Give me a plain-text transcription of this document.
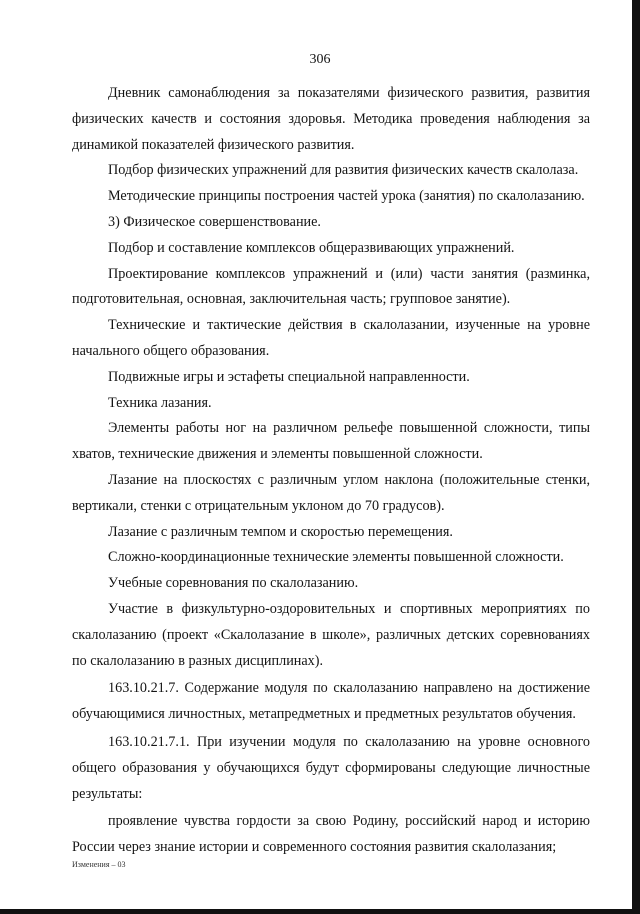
306

Дневник самонаблюдения за показателями физического развития, развития физических качеств и состояния здоровья. Методика проведения наблюдения за динамикой показателей физического развития.

Подбор физических упражнений для развития физических качеств скалолаза.

Методические принципы построения частей урока (занятия) по скалолазанию.

3) Физическое совершенствование.

Подбор и составление комплексов общеразвивающих упражнений.

Проектирование комплексов упражнений и (или) части занятия (разминка, подготовительная, основная, заключительная часть; групповое занятие).

Технические и тактические действия в скалолазании, изученные на уровне начального общего образования.

Подвижные игры и эстафеты специальной направленности.

Техника лазания.

Элементы работы ног на различном рельефе повышенной сложности, типы хватов, технические движения и элементы повышенной сложности.

Лазание на плоскостях с различным углом наклона (положительные стенки, вертикали, стенки с отрицательным уклоном до 70 градусов).

Лазание с различным темпом и скоростью перемещения.

Сложно-координационные технические элементы повышенной сложности.

Учебные соревнования по скалолазанию.

Участие в физкультурно-оздоровительных и спортивных мероприятиях по скалолазанию (проект «Скалолазание в школе», различных детских соревнованиях по скалолазанию в разных дисциплинах).

163.10.21.7. Содержание модуля по скалолазанию направлено на достижение обучающимися личностных, метапредметных и предметных результатов обучения.

163.10.21.7.1. При изучении модуля по скалолазанию на уровне основного общего образования у обучающихся будут сформированы следующие личностные результаты:

проявление чувства гордости за свою Родину, российский народ и историю России через знание истории и современного состояния развития скалолазания;

Изменения – 03
